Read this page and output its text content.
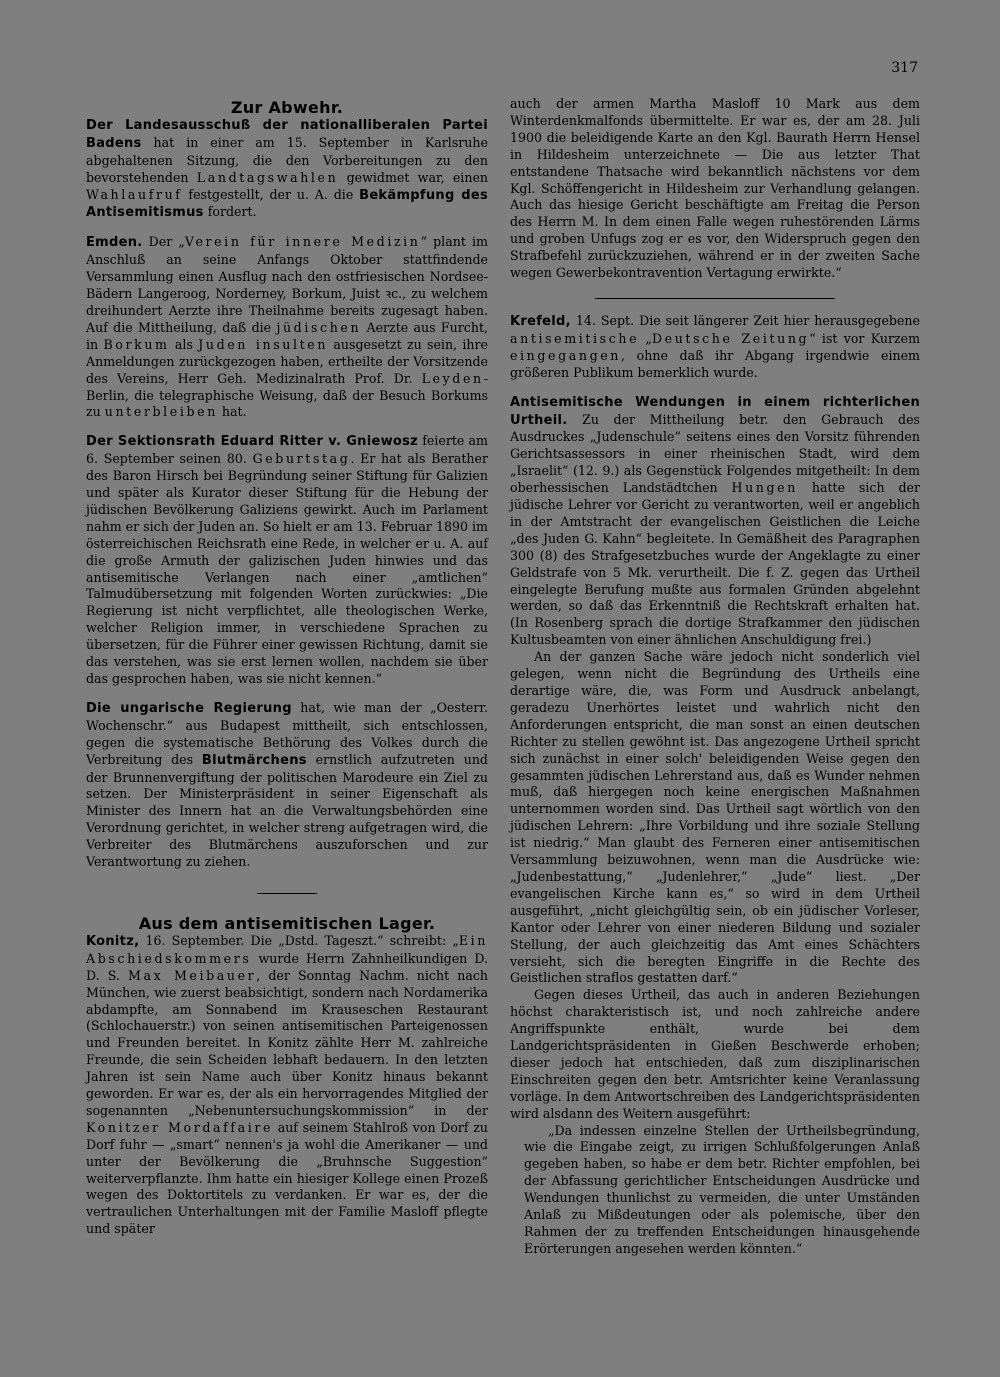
317

Zur Abwehr.

Der Landesausschuß der nationalliberalen Partei Badens hat in einer am 15. September in Karlsruhe abgehaltenen Sitzung, die den Vorbereitungen zu den bevorstehenden Landtagswahlen gewidmet war, einen Wahlaufruf festgestellt, der u. A. die Bekämpfung des Antisemitismus fordert.

Emden. Der „Verein für innere Medizin“ plant im Anschluß an seine Anfangs Oktober stattfindende Versammlung einen Ausflug nach den ostfriesischen Nordsee-Bädern Langeroog, Norderney, Borkum, Juist ꝛc., zu welchem dreihundert Aerzte ihre Theilnahme bereits zugesagt haben. Auf die Mittheilung, daß die jüdischen Aerzte aus Furcht, in Borkum als Juden insulten ausgesetzt zu sein, ihre Anmeldungen zurückgezogen haben, ertheilte der Vorsitzende des Vereins, Herr Geh. Medizinalrath Prof. Dr. Leyden-Berlin, die telegraphische Weisung, daß der Besuch Borkums zu unterbleiben hat.

Der Sektionsrath Eduard Ritter v. Gniewosz feierte am 6. September seinen 80. Geburtstag. Er hat als Berather des Baron Hirsch bei Begründung seiner Stiftung für Galizien und später als Kurator dieser Stiftung für die Hebung der jüdischen Bevölkerung Galiziens gewirkt. Auch im Parlament nahm er sich der Juden an. So hielt er am 13. Februar 1890 im österreichischen Reichsrath eine Rede, in welcher er u. A. auf die große Armuth der galizischen Juden hinwies und das antisemitische Verlangen nach einer „amtlichen“ Talmudübersetzung mit folgenden Worten zurückwies: „Die Regierung ist nicht verpflichtet, alle theologischen Werke, welcher Religion immer, in verschiedene Sprachen zu übersetzen, für die Führer einer gewissen Richtung, damit sie das verstehen, was sie erst lernen wollen, nachdem sie über das gesprochen haben, was sie nicht kennen.“

Die ungarische Regierung hat, wie man der „Oesterr. Wochenschr.“ aus Budapest mittheilt, sich entschlossen, gegen die systematische Bethörung des Volkes durch die Verbreitung des Blutmärchens ernstlich aufzutreten und der Brunnenvergiftung der politischen Marodeure ein Ziel zu setzen. Der Ministerpräsident in seiner Eigenschaft als Minister des Innern hat an die Verwaltungsbehörden eine Verordnung gerichtet, in welcher streng aufgetragen wird, die Verbreiter des Blutmärchens auszuforschen und zur Verantwortung zu ziehen.

Aus dem antisemitischen Lager.

Konitz, 16. September. Die „Dstd. Tageszt.“ schreibt: „Ein Abschiedskommers wurde Herrn Zahnheilkundigen D. D. S. Max Meibauer, der Sonntag Nachm. nicht nach München, wie zuerst beabsichtigt, sondern nach Nordamerika abdampfte, am Sonnabend im Krauseschen Restaurant (Schlochauerstr.) von seinen antisemitischen Parteigenossen und Freunden bereitet. In Konitz zählte Herr M. zahlreiche Freunde, die sein Scheiden lebhaft bedauern. In den letzten Jahren ist sein Name auch über Konitz hinaus bekannt geworden. Er war es, der als ein hervorragendes Mitglied der sogenannten „Nebenuntersuchungskommission“ in der Konitzer Mordaffaire auf seinem Stahlroß von Dorf zu Dorf fuhr — „smart“ nennen's ja wohl die Amerikaner — und unter der Bevölkerung die „Bruhnsche Suggestion“ weiterverpflanzte. Ihm hatte ein hiesiger Kollege einen Prozeß wegen des Doktortitels zu verdanken. Er war es, der die vertraulichen Unterhaltungen mit der Familie Masloff pflegte und später

auch der armen Martha Masloff 10 Mark aus dem Winterdenkmalfonds übermittelte. Er war es, der am 28. Juli 1900 die beleidigende Karte an den Kgl. Baurath Herrn Hensel in Hildesheim unterzeichnete — Die aus letzter That entstandene Thatsache wird bekanntlich nächstens vor dem Kgl. Schöffengericht in Hildesheim zur Verhandlung gelangen. Auch das hiesige Gericht beschäftigte am Freitag die Person des Herrn M. In dem einen Falle wegen ruhestörenden Lärms und groben Unfugs zog er es vor, den Widerspruch gegen den Strafbefehl zurückzuziehen, während er in der zweiten Sache wegen Gewerbekontravention Vertagung erwirkte.“

Krefeld, 14. Sept. Die seit längerer Zeit hier herausgegebene antisemitische „Deutsche Zeitung“ ist vor Kurzem eingegangen, ohne daß ihr Abgang irgendwie einem größeren Publikum bemerklich wurde.

Antisemitische Wendungen in einem richterlichen Urtheil. Zu der Mittheilung betr. den Gebrauch des Ausdruckes „Judenschule“ seitens eines den Vorsitz führenden Gerichtsassessors in einer rheinischen Stadt, wird dem „Israelit“ (12. 9.) als Gegenstück Folgendes mitgetheilt: In dem oberhessischen Landstädtchen Hungen hatte sich der jüdische Lehrer vor Gericht zu verantworten, weil er angeblich in der Amtstracht der evangelischen Geistlichen die Leiche „des Juden G. Kahn“ begleitete. In Gemäßheit des Paragraphen 300 (8) des Strafgesetzbuches wurde der Angeklagte zu einer Geldstrafe von 5 Mk. verurtheilt. Die f. Z. gegen das Urtheil eingelegte Berufung mußte aus formalen Gründen abgelehnt werden, so daß das Erkenntniß die Rechtskraft erhalten hat. (In Rosenberg sprach die dortige Strafkammer den jüdischen Kultusbeamten von einer ähnlichen Anschuldigung frei.)

An der ganzen Sache wäre jedoch nicht sonderlich viel gelegen, wenn nicht die Begründung des Urtheils eine derartige wäre, die, was Form und Ausdruck anbelangt, geradezu Unerhörtes leistet und wahrlich nicht den Anforderungen entspricht, die man sonst an einen deutschen Richter zu stellen gewöhnt ist. Das angezogene Urtheil spricht sich zunächst in einer solch' beleidigenden Weise gegen den gesammten jüdischen Lehrerstand aus, daß es Wunder nehmen muß, daß hiergegen noch keine energischen Maßnahmen unternommen worden sind. Das Urtheil sagt wörtlich von den jüdischen Lehrern: „Ihre Vorbildung und ihre soziale Stellung ist niedrig.“ Man glaubt des Ferneren einer antisemitischen Versammlung beizuwohnen, wenn man die Ausdrücke wie: „Judenbestattung,“ „Judenlehrer,“ „Jude“ liest. „Der evangelischen Kirche kann es,“ so wird in dem Urtheil ausgeführt, „nicht gleichgültig sein, ob ein jüdischer Vorleser, Kantor oder Lehrer von einer niederen Bildung und sozialer Stellung, der auch gleichzeitig das Amt eines Schächters versieht, sich die beregten Eingriffe in die Rechte des Geistlichen straflos gestatten darf.“

Gegen dieses Urtheil, das auch in anderen Beziehungen höchst charakteristisch ist, und noch zahlreiche andere Angriffspunkte enthält, wurde bei dem Landgerichtspräsidenten in Gießen Beschwerde erhoben; dieser jedoch hat entschieden, daß zum disziplinarischen Einschreiten gegen den betr. Amtsrichter keine Veranlassung vorläge. In dem Antwortschreiben des Landgerichtspräsidenten wird alsdann des Weitern ausgeführt:

„Da indessen einzelne Stellen der Urtheilsbegründung, wie die Eingabe zeigt, zu irrigen Schlußfolgerungen Anlaß gegeben haben, so habe er dem betr. Richter empfohlen, bei der Abfassung gerichtlicher Entscheidungen Ausdrücke und Wendungen thunlichst zu vermeiden, die unter Umständen Anlaß zu Mißdeutungen oder als polemische, über den Rahmen der zu treffenden Entscheidungen hinausgehende Erörterungen angesehen werden könnten.“
